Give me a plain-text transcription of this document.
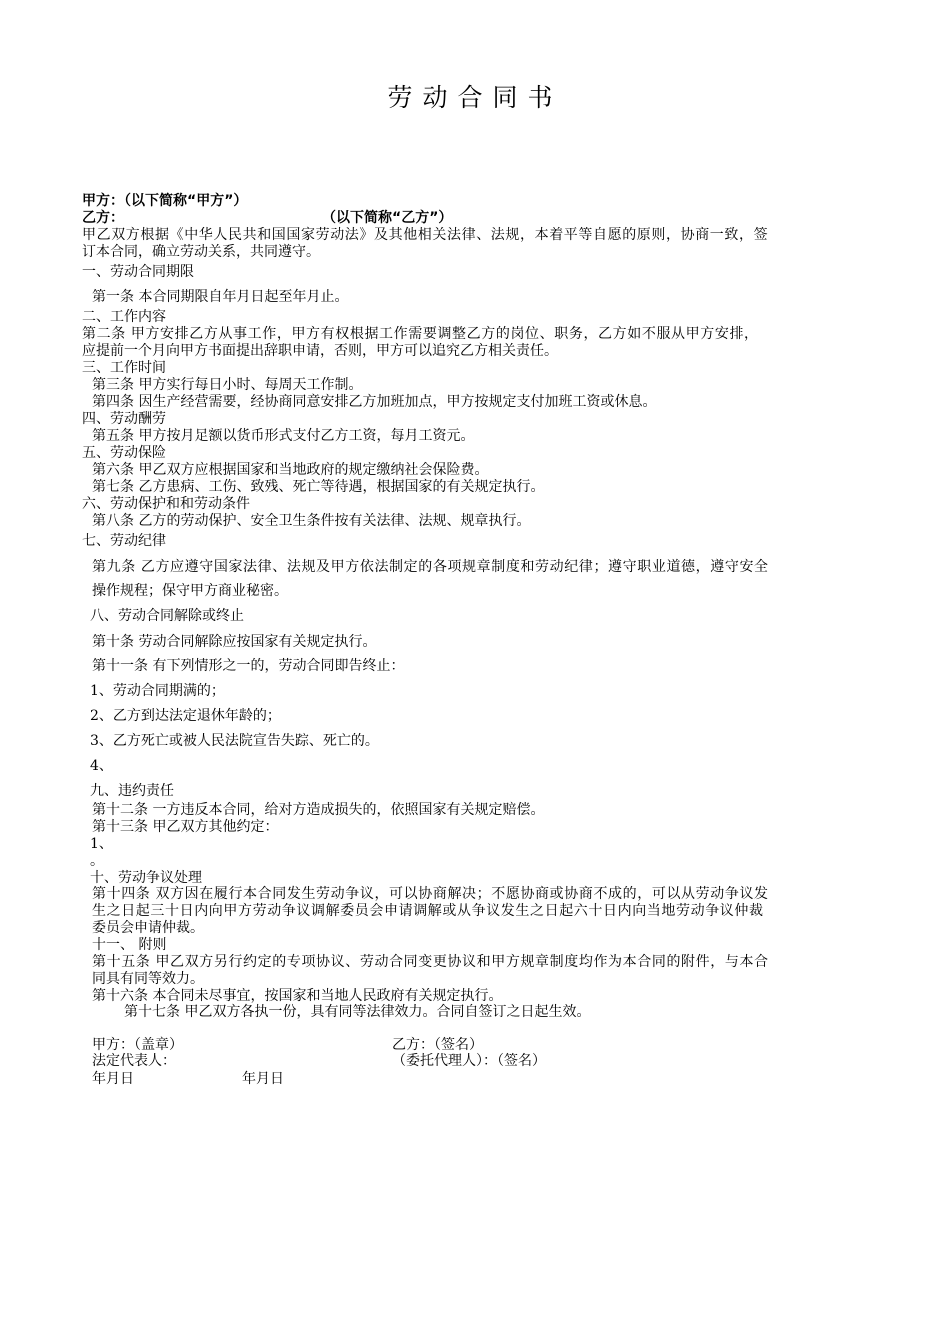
劳动合同书
甲方：（以下简称“甲方”）
乙方：	（以下简称“乙方”）
甲乙双方根据《中华人民共和国国家劳动法》及其他相关法律、法规，本着平等自愿的原则，协商一致，签
订本合同，确立劳动关系，共同遵守。
一、劳动合同期限
第一条 本合同期限自年月日起至年月止。
二、工作内容
第二条 甲方安排乙方从事工作，甲方有权根据工作需要调整乙方的岗位、职务，乙方如不服从甲方安排，
应提前一个月向甲方书面提出辞职申请，否则，甲方可以追究乙方相关责任。
三、工作时间
第三条 甲方实行每日小时、每周天工作制。
第四条 因生产经营需要，经协商同意安排乙方加班加点，甲方按规定支付加班工资或休息。
四、劳动酬劳
第五条 甲方按月足额以货币形式支付乙方工资，每月工资元。
五、劳动保险
第六条 甲乙双方应根据国家和当地政府的规定缴纳社会保险费。
第七条 乙方患病、工伤、致残、死亡等待遇，根据国家的有关规定执行。
六、劳动保护和和劳动条件
第八条 乙方的劳动保护、安全卫生条件按有关法律、法规、规章执行。
七、劳动纪律
第九条 乙方应遵守国家法律、法规及甲方依法制定的各项规章制度和劳动纪律；遵守职业道德，遵守安全
操作规程；保守甲方商业秘密。
八、劳动合同解除或终止
第十条 劳动合同解除应按国家有关规定执行。
第十一条 有下列情形之一的，劳动合同即告终止：
1、劳动合同期满的；
2、乙方到达法定退休年龄的；
3、乙方死亡或被人民法院宣告失踪、死亡的。
4、
九、违约责任
第十二条 一方违反本合同，给对方造成损失的，依照国家有关规定赔偿。
第十三条 甲乙双方其他约定：
1、
。
十、劳动争议处理
第十四条 双方因在履行本合同发生劳动争议，可以协商解决；不愿协商或协商不成的，可以从劳动争议发
生之日起三十日内向甲方劳动争议调解委员会申请调解或从争议发生之日起六十日内向当地劳动争议仲裁
委员会申请仲裁。
十一、 附则
第十五条 甲乙双方另行约定的专项协议、劳动合同变更协议和甲方规章制度均作为本合同的附件，与本合
同具有同等效力。
第十六条 本合同未尽事宜，按国家和当地人民政府有关规定执行。
第十七条 甲乙双方各执一份，具有同等法律效力。合同自签订之日起生效。
甲方：（盖章）	乙方：（签名）
法定代表人：	（委托代理人）：（签名）
年月日	年月日
